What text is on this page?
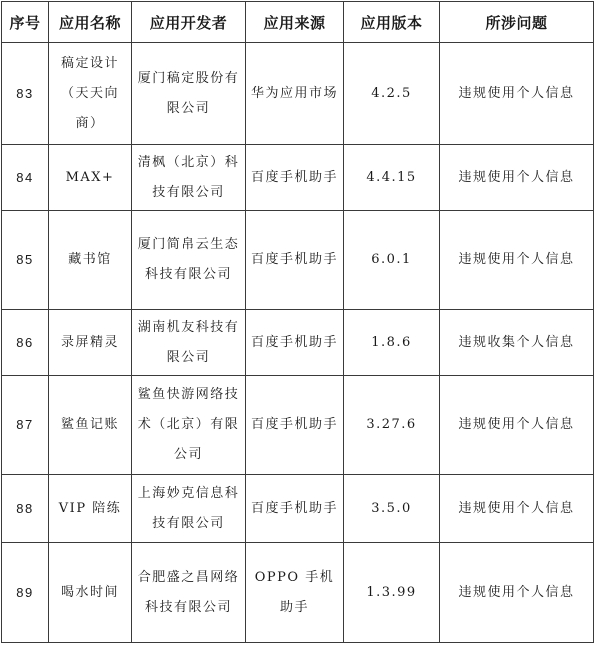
序号	应用名称	应用开发者	应用来源	应用版本	所涉问题
83	稿定设计（天天向商）	厦门稿定股份有限公司	华为应用市场	4.2.5	违规使用个人信息
84	MAX+	清枫（北京）科技有限公司	百度手机助手	4.4.15	违规使用个人信息
85	藏书馆	厦门简帛云生态科技有限公司	百度手机助手	6.0.1	违规使用个人信息
86	录屏精灵	湖南机友科技有限公司	百度手机助手	1.8.6	违规收集个人信息
87	鲨鱼记账	鲨鱼快游网络技术（北京）有限公司	百度手机助手	3.27.6	违规使用个人信息
88	VIP 陪练	上海妙克信息科技有限公司	百度手机助手	3.5.0	违规使用个人信息
89	喝水时间	合肥盛之昌网络科技有限公司	OPPO 手机助手	1.3.99	违规使用个人信息
